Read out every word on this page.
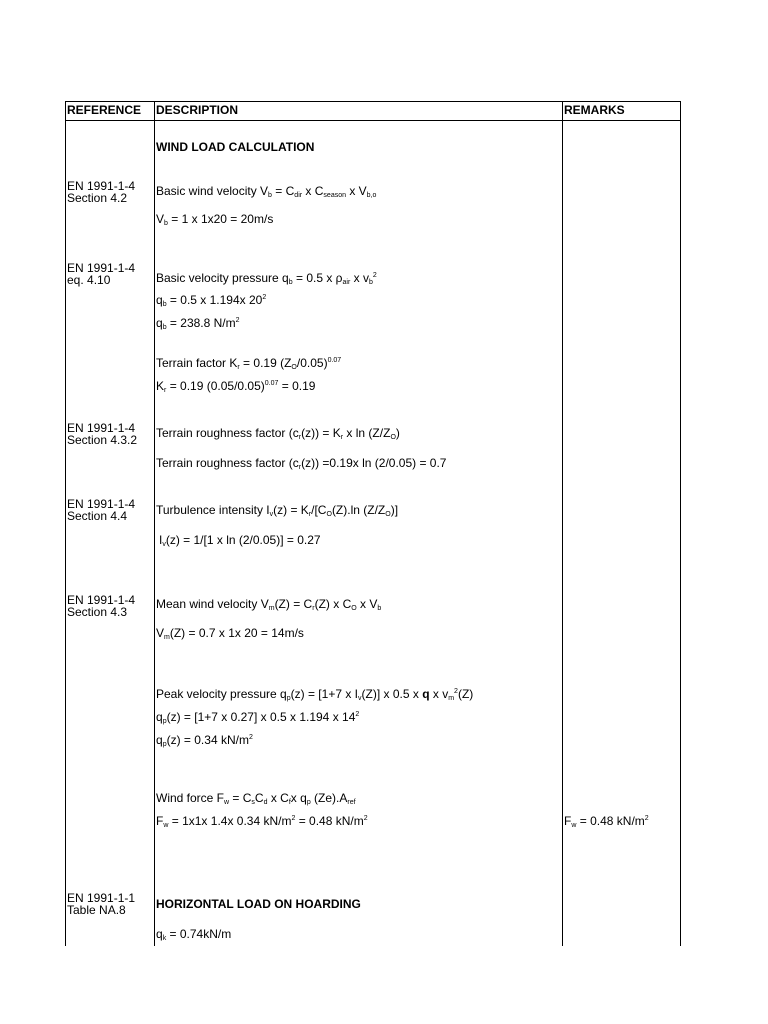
REFERENCE DESCRIPTION	REMARKS
EN 1991-1-4
Section 4.2
EN 1991-1-4
eq. 4.10
EN 1991-1-4
Section 4.3.2
EN 1991-1-4
Section 4.4
EN 1991-1-4
Section 4.3
EN 1991-1-1
Table NA.8
WIND LOAD CALCULATION
Basic wind velocity $V_b = C_{dir}$ x $C_{season}$ x $V_{b,o}$
$V_b = 1$ x 1x20 = 20m/s
Basic velocity pressure $q_b = 0.5$ x $\rho_{air}$ x $v_b^2$
$q_b = 0.5$ x 1.194x $20^2$
$q_b = 238.8$ $N/m^2$
Terrain factor $K_r = 0.19$ $(Z_O/0.05)^{0.07}$
$K_r = 0.19$ $(0.05/0.05)^{0.07} = 0.19$
Terrain roughness factor $(c_r(z)) = K_r$ x $\ln (Z/Z_O)$
Terrain roughness factor $(c_r(z)) =0.19x$ ln (2/0.05) = 0.7
Turbulence intensity $I_v(z) = K_r/[C_O(Z).\ln$ $(Z/Z_O)$]
$I_v(z) = 1/[1$ x ln (2/0.05)] = 0.27
Mean wind velocity $V_m(Z) = C_r(Z)$ x $C_O$ x $V_b$
$V_m(Z) = 0.7$ x 1x 20 = 14m/s
Peak velocity pressure $q_p(z) = [1+7$ x $I_v(Z)$] x 0.5 x q x $v_m^2(Z)$
$q_p(z) = [1+7$ x 0.27] x 0.5 x 1.194 x $14^2$
$q_p(z) = 0.34$ $kN/m^2$
Wind force $F_w = C_sC_d$ x $C_fx$ $q_p$ $(Ze).A_{ref}$
$F_w = 1x1x$ 1.4x 0.34 $kN/m^2 = 0.48$ $kN/m^2$
HORIZONTAL LOAD ON HOARDING
$q_k = 0.74kN/m$
$F_w = 0.48$ $kN/m^2$
